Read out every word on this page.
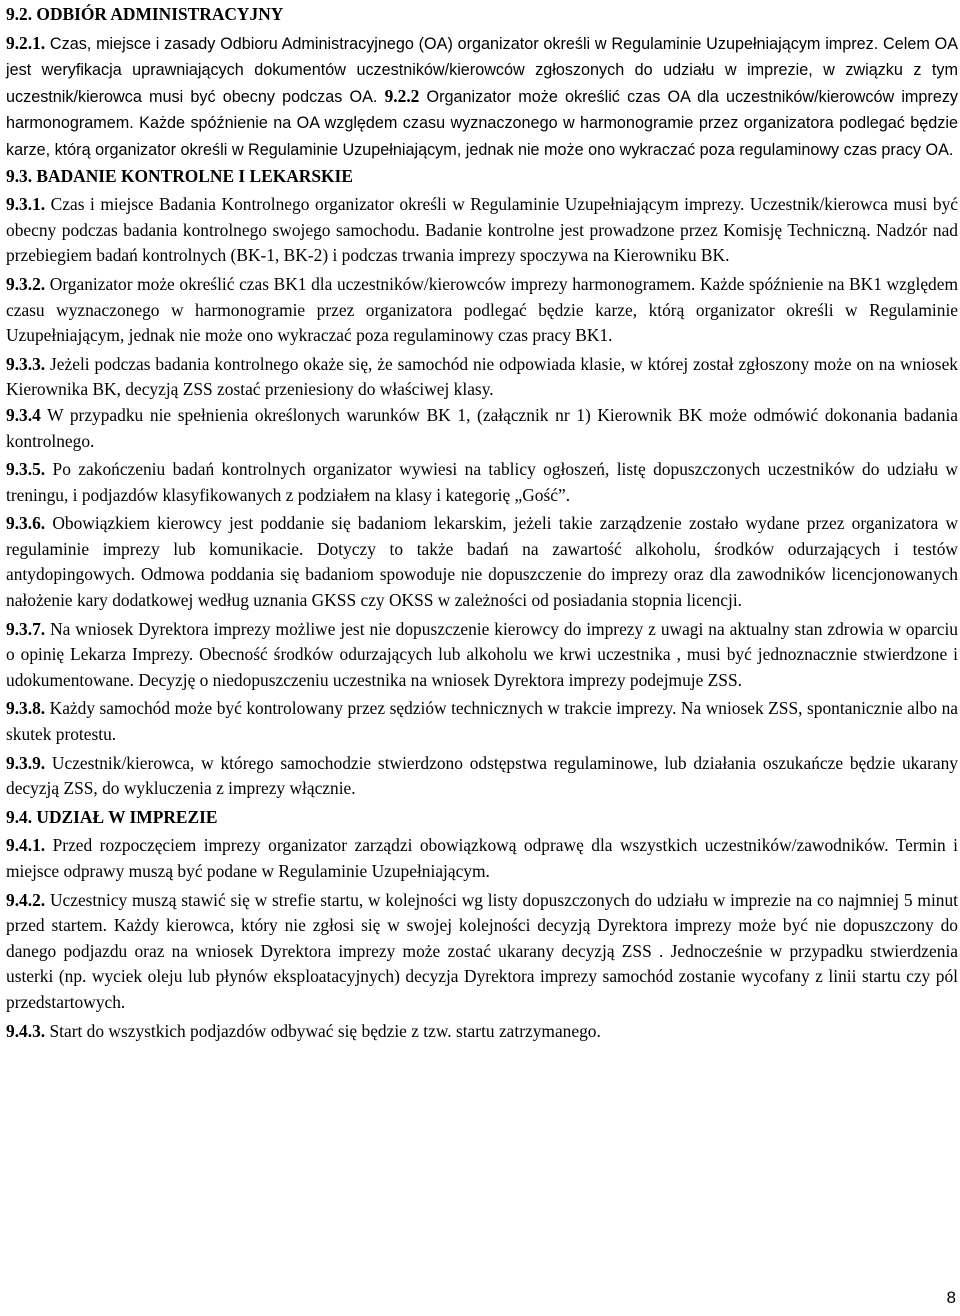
9.2. ODBIÓR ADMINISTRACYJNY

9.2.1. Czas, miejsce i zasady Odbioru Administracyjnego (OA) organizator określi w Regulaminie Uzupełniającym imprez. Celem OA jest weryfikacja uprawniających dokumentów uczestników/kierowców zgłoszonych do udziału w imprezie, w związku z tym uczestnik/kierowca musi być obecny podczas OA. 9.2.2 Organizator może określić czas OA dla uczestników/kierowców imprezy harmonogramem. Każde spóźnienie na OA względem czasu wyznaczonego w harmonogramie przez organizatora podlegać będzie karze, którą organizator określi w Regulaminie Uzupełniającym, jednak nie może ono wykraczać poza regulaminowy czas pracy OA.

9.3. BADANIE KONTROLNE I LEKARSKIE

9.3.1. Czas i miejsce Badania Kontrolnego organizator określi w Regulaminie Uzupełniającym imprezy. Uczestnik/kierowca musi być obecny podczas badania kontrolnego swojego samochodu. Badanie kontrolne jest prowadzone przez Komisję Techniczną. Nadzór nad przebiegiem badań kontrolnych (BK-1, BK-2) i podczas trwania imprezy spoczywa na Kierowniku BK.

9.3.2. Organizator może określić czas BK1 dla uczestników/kierowców imprezy harmonogramem. Każde spóźnienie na BK1 względem czasu wyznaczonego w harmonogramie przez organizatora podlegać będzie karze, którą organizator określi w Regulaminie Uzupełniającym, jednak nie może ono wykraczać poza regulaminowy czas pracy BK1.

9.3.3. Jeżeli podczas badania kontrolnego okaże się, że samochód nie odpowiada klasie, w której został zgłoszony może on na wniosek Kierownika BK, decyzją ZSS zostać przeniesiony do właściwej klasy.

9.3.4 W przypadku nie spełnienia określonych warunków BK 1, (załącznik nr 1) Kierownik BK może odmówić dokonania badania kontrolnego.

9.3.5. Po zakończeniu badań kontrolnych organizator wywiesi na tablicy ogłoszeń, listę dopuszczonych uczestników do udziału w treningu, i podjazdów klasyfikowanych z podziałem na klasy i kategorię „Gość”.

9.3.6. Obowiązkiem kierowcy jest poddanie się badaniom lekarskim, jeżeli takie zarządzenie zostało wydane przez organizatora w regulaminie imprezy lub komunikacie. Dotyczy to także badań na zawartość alkoholu, środków odurzających i testów antydopingowych. Odmowa poddania się badaniom spowoduje nie dopuszczenie do imprezy oraz dla zawodników licencjonowanych nałożenie kary dodatkowej według uznania GKSS czy OKSS w zależności od posiadania stopnia licencji.

9.3.7. Na wniosek Dyrektora imprezy możliwe jest nie dopuszczenie kierowcy do imprezy z uwagi na aktualny stan zdrowia w oparciu o opinię Lekarza Imprezy. Obecność środków odurzających lub alkoholu we krwi uczestnika , musi być jednoznacznie stwierdzone i udokumentowane. Decyzję o niedopuszczeniu uczestnika na wniosek Dyrektora imprezy podejmuje ZSS.

9.3.8. Każdy samochód może być kontrolowany przez sędziów technicznych w trakcie imprezy. Na wniosek ZSS, spontanicznie albo na skutek protestu.

9.3.9. Uczestnik/kierowca, w którego samochodzie stwierdzono odstępstwa regulaminowe, lub działania oszukańcze będzie ukarany decyzją ZSS, do wykluczenia z imprezy włącznie.

9.4. UDZIAŁ W IMPREZIE

9.4.1. Przed rozpoczęciem imprezy organizator zarządzi obowiązkową odprawę dla wszystkich uczestników/zawodników. Termin i miejsce odprawy muszą być podane w Regulaminie Uzupełniającym.

9.4.2. Uczestnicy muszą stawić się w strefie startu, w kolejności wg listy dopuszczonych do udziału w imprezie na co najmniej 5 minut przed startem. Każdy kierowca, który nie zgłosi się w swojej kolejności decyzją Dyrektora imprezy może być nie dopuszczony do danego podjazdu oraz na wniosek Dyrektora imprezy może zostać ukarany decyzją ZSS . Jednocześnie w przypadku stwierdzenia usterki (np. wyciek oleju lub płynów eksploatacyjnych) decyzja Dyrektora imprezy samochód zostanie wycofany z linii startu czy pól przedstartowych.

9.4.3. Start do wszystkich podjazdów odbywać się będzie z tzw. startu zatrzymanego.

8
